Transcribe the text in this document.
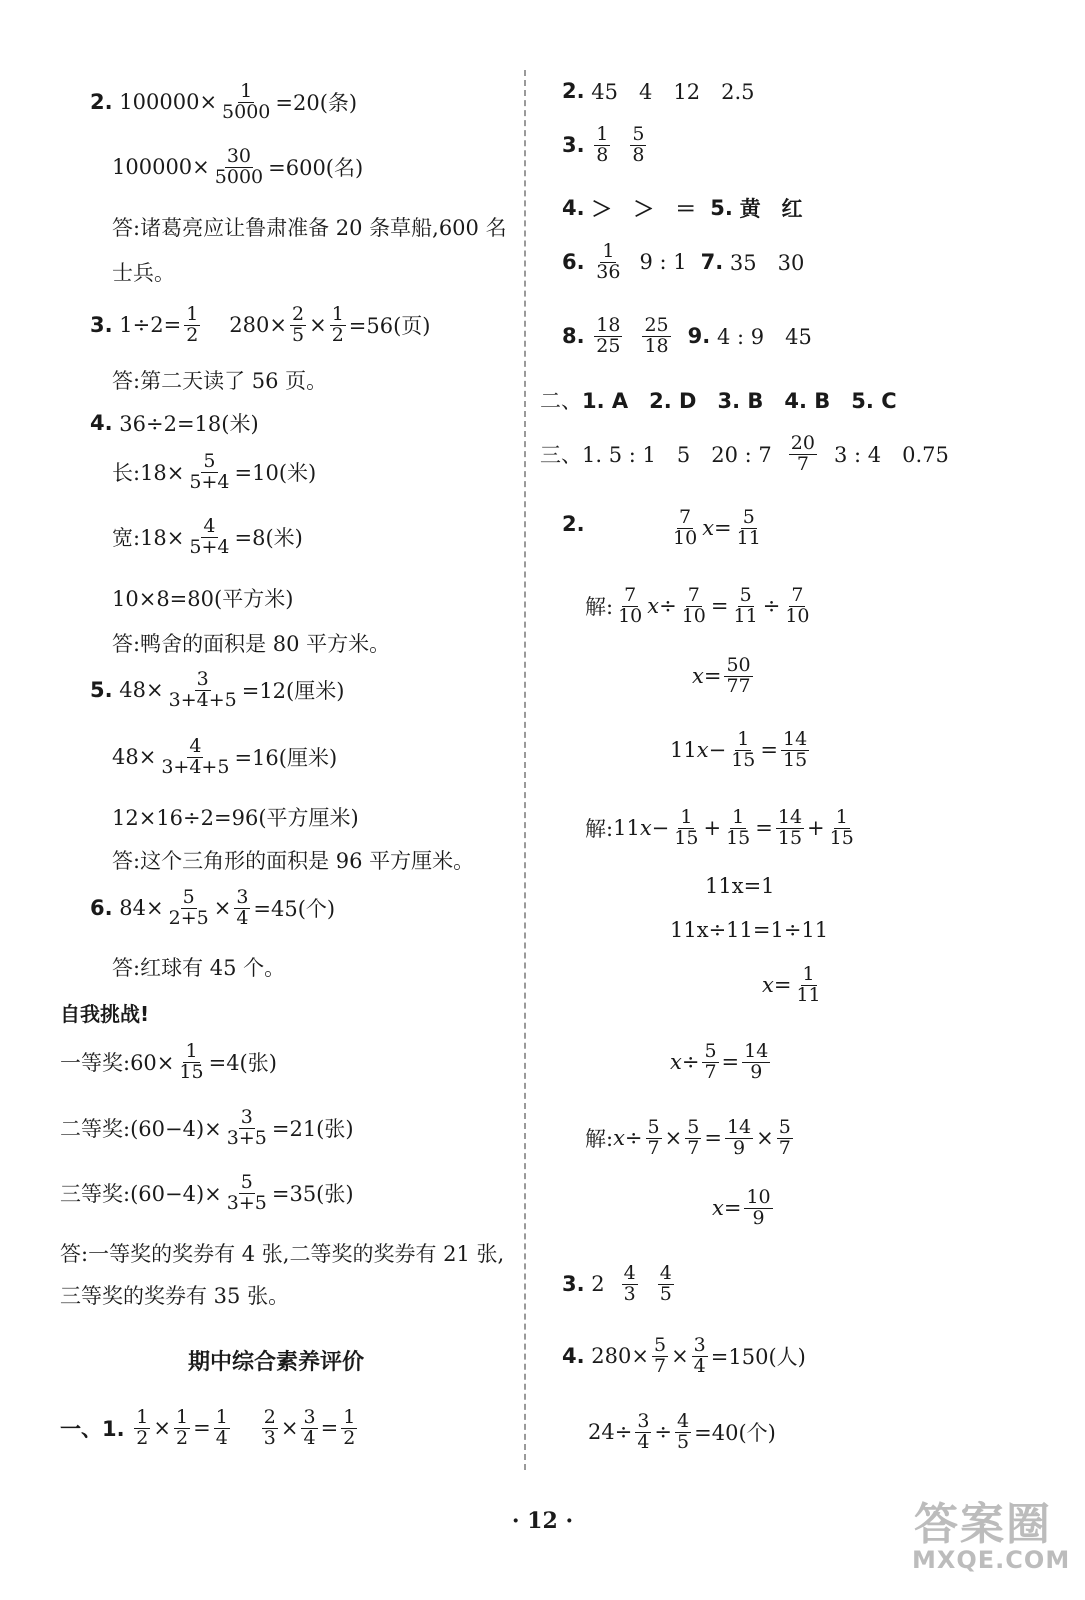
2.
$100000\times \frac{1}{5000} =20$(条)
$100000\times \frac{30}{5000} =600$(名)
答:诸葛亮应让鲁肃准备 20 条草船,600 名
士兵。
3.
$1\div 2= \frac{1}{2} 280\times \frac{2}{5} \times \frac{1}{2} =56$(页)
答:第二天读了 56 页。
4.
36÷2=18(米)
长:18× $\frac{5}{5+4} =10$(米)
宽:18× $\frac{4}{5+4} =8$(米)
10×8=80(平方米)
答:鸭舍的面积是 80 平方米。
5.
$48\times \frac{3}{3+4+5} =12$(厘米)
$48\times \frac{4}{3+4+5} =16$(厘米)
12×16÷2=96(平方厘米)
答:这个三角形的面积是 96 平方厘米。
6.
$84\times \frac{5}{2+5} \times \frac{3}{4} =45$(个)
答:红球有 45 个。
自我挑战!
一等奖:60× $\frac{1}{15} =4$(张)
二等奖:(60−4)× $\frac{3}{3+5} =21$(张)
三等奖:(60−4)× $\frac{5}{3+5} =35$(张)
答:一等奖的奖券有 4 张,二等奖的奖券有 21 张,
三等奖的奖券有 35 张。
期中综合素养评价
一、1.
$\frac{1}{2} \times \frac{1}{2} = \frac{1}{4} \frac{2}{3} \times \frac{3}{4} = \frac{1}{2}$
2.
45　4　12　2.5
3.
$\frac{1}{8} \frac{5}{8}$
4.
＞　＞　＝ 5.
黄　红
6.
$\frac{1}{36} 9$ : 1 7.
35　30
8.
$\frac{18}{25} \frac{25}{18} 9$.
4 : 9　45
二、 1. A　2. D　3. B　4. B　5. C
三、1.
5 : 1　5　20 : $7 \frac{20}{7} 3$ : 4　0.75
2.	$\frac{7}{10}$ $x = \frac{5}{11}$
解: $\frac{7}{10}$ $x \div \frac{7}{10} = \frac{5}{11} \div \frac{7}{10}$
$x = \frac{50}{77}$
11 $x - \frac{1}{15} = \frac{14}{15}$
解: 11 $x - \frac{1}{15} + \frac{1}{15} = \frac{14}{15} + \frac{1}{15}$
11x=1
11x÷11=1÷11
$x = \frac{1}{11}$
$x \div \frac{5}{7} = \frac{14}{9}$
解: $x \div \frac{5}{7} \times \frac{5}{7} = \frac{14}{9} \times \frac{5}{7}$
$x = \frac{10}{9}$
3.
$2 \frac{4}{3} \frac{4}{5}$
4.
$280\times \frac{5}{7} \times \frac{3}{4} =150$(人)
$24\div \frac{3}{4} \div \frac{4}{5} =40$(个)
· 12 ·	答案圈
MXQE.COM
